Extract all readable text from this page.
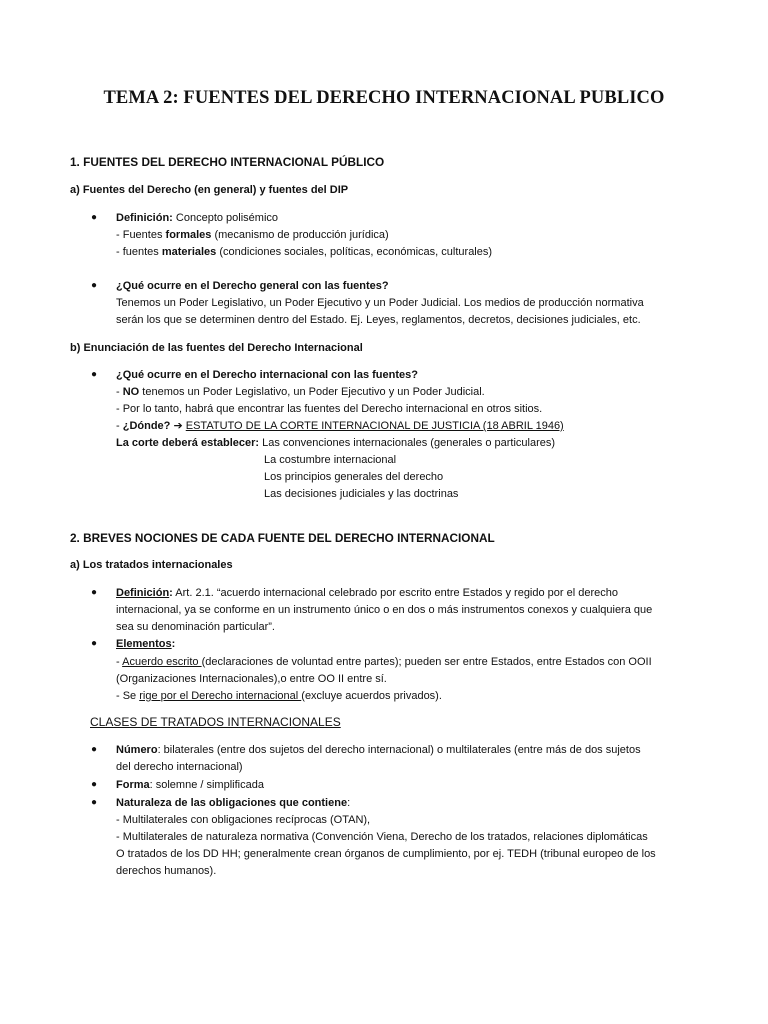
TEMA 2: FUENTES DEL DERECHO INTERNACIONAL PUBLICO
1. FUENTES DEL DERECHO INTERNACIONAL PÚBLICO
a) Fuentes del Derecho (en general) y fuentes del DIP
● Definición: Concepto polisémico
- Fuentes formales (mecanismo de producción jurídica)
- fuentes materiales (condiciones sociales, políticas, económicas, culturales)
● ¿Qué ocurre en el Derecho general con las fuentes?
Tenemos un Poder Legislativo, un Poder Ejecutivo y un Poder Judicial. Los medios de producción normativa
serán los que se determinen dentro del Estado. Ej. Leyes, reglamentos, decretos, decisiones judiciales, etc.
b) Enunciación de las fuentes del Derecho Internacional
● ¿Qué ocurre en el Derecho internacional con las fuentes?
- NO tenemos un Poder Legislativo, un Poder Ejecutivo y un Poder Judicial.
- Por lo tanto, habrá que encontrar las fuentes del Derecho internacional en otros sitios.
- ¿Dónde? ➔ ESTATUTO DE LA CORTE INTERNACIONAL DE JUSTICIA (18 ABRIL 1946)
La corte deberá establecer: Las convenciones internacionales (generales o particulares)
La costumbre internacional
Los principios generales del derecho
Las decisiones judiciales y las doctrinas
2. BREVES NOCIONES DE CADA FUENTE DEL DERECHO INTERNACIONAL
a) Los tratados internacionales
● Definición: Art. 2.1. “acuerdo internacional celebrado por escrito entre Estados y regido por el derecho
internacional, ya se conforme en un instrumento único o en dos o más instrumentos conexos y cualquiera que
sea su denominación particular”.
● Elementos:
- Acuerdo escrito (declaraciones de voluntad entre partes); pueden ser entre Estados, entre Estados con OOII
(Organizaciones Internacionales),o entre OO II entre sí.
- Se rige por el Derecho internacional (excluye acuerdos privados).
CLASES DE TRATADOS INTERNACIONALES
● Número: bilaterales (entre dos sujetos del derecho internacional) o multilaterales (entre más de dos sujetos
del derecho internacional)
● Forma: solemne / simplificada
● Naturaleza de las obligaciones que contiene:
- Multilaterales con obligaciones recíprocas (OTAN),
- Multilaterales de naturaleza normativa (Convención Viena, Derecho de los tratados, relaciones diplomáticas
O tratados de los DD HH; generalmente crean órganos de cumplimiento, por ej. TEDH (tribunal europeo de los
derechos humanos).
